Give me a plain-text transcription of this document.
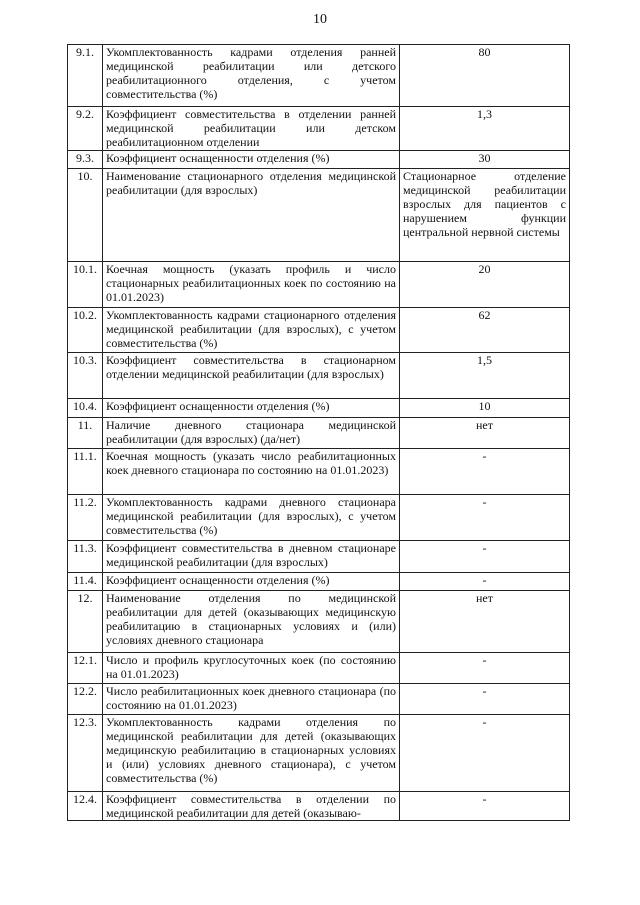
10
9.1.	Укомплектованность кадрами отделения ранней медицинской реабилитации или детского реабилитационного отделения, с учетом совместительства (%)	80
9.2.	Коэффициент совместительства в отделении ранней медицинской реабилитации или детском реабилитационном отделении	1,3
9.3.	Коэффициент оснащенности отделения (%)	30
10.	Наименование стационарного отделения медицинской реабилитации (для взрослых)	Стационарное отделение медицинской реабилитации взрослых для пациентов с нарушением функции центральной нервной системы
10.1.	Коечная мощность (указать профиль и число стационарных реабилитационных коек по состоянию на 01.01.2023)	20
10.2.	Укомплектованность кадрами стационарного отделения медицинской реабилитации (для взрослых), с учетом совместительства (%)	62
10.3.	Коэффициент совместительства в стационарном отделении медицинской реабилитации (для взрослых)	1,5
10.4.	Коэффициент оснащенности отделения (%)	10
11.	Наличие дневного стационара медицинской реабилитации (для взрослых) (да/нет)	нет
11.1.	Коечная мощность (указать число реабилитационных коек дневного стационара по состоянию на 01.01.2023)	-
11.2.	Укомплектованность кадрами дневного стационара медицинской реабилитации (для взрослых), с учетом совместительства (%)	-
11.3.	Коэффициент совместительства в дневном стационаре медицинской реабилитации (для взрослых)	-
11.4.	Коэффициент оснащенности отделения (%)	-
12.	Наименование отделения по медицинской реабилитации для детей (оказывающих медицинскую реабилитацию в стационарных условиях и (или) условиях дневного стационара	нет
12.1.	Число и профиль круглосуточных коек (по состоянию на 01.01.2023)	-
12.2.	Число реабилитационных коек дневного стационара (по состоянию на 01.01.2023)	-
12.3.	Укомплектованность кадрами отделения по медицинской реабилитации для детей (оказывающих медицинскую реабилитацию в стационарных условиях и (или) условиях дневного стационара), с учетом совместительства (%)	-
12.4.	Коэффициент совместительства в отделении по медицинской реабилитации для детей (оказываю-	-
